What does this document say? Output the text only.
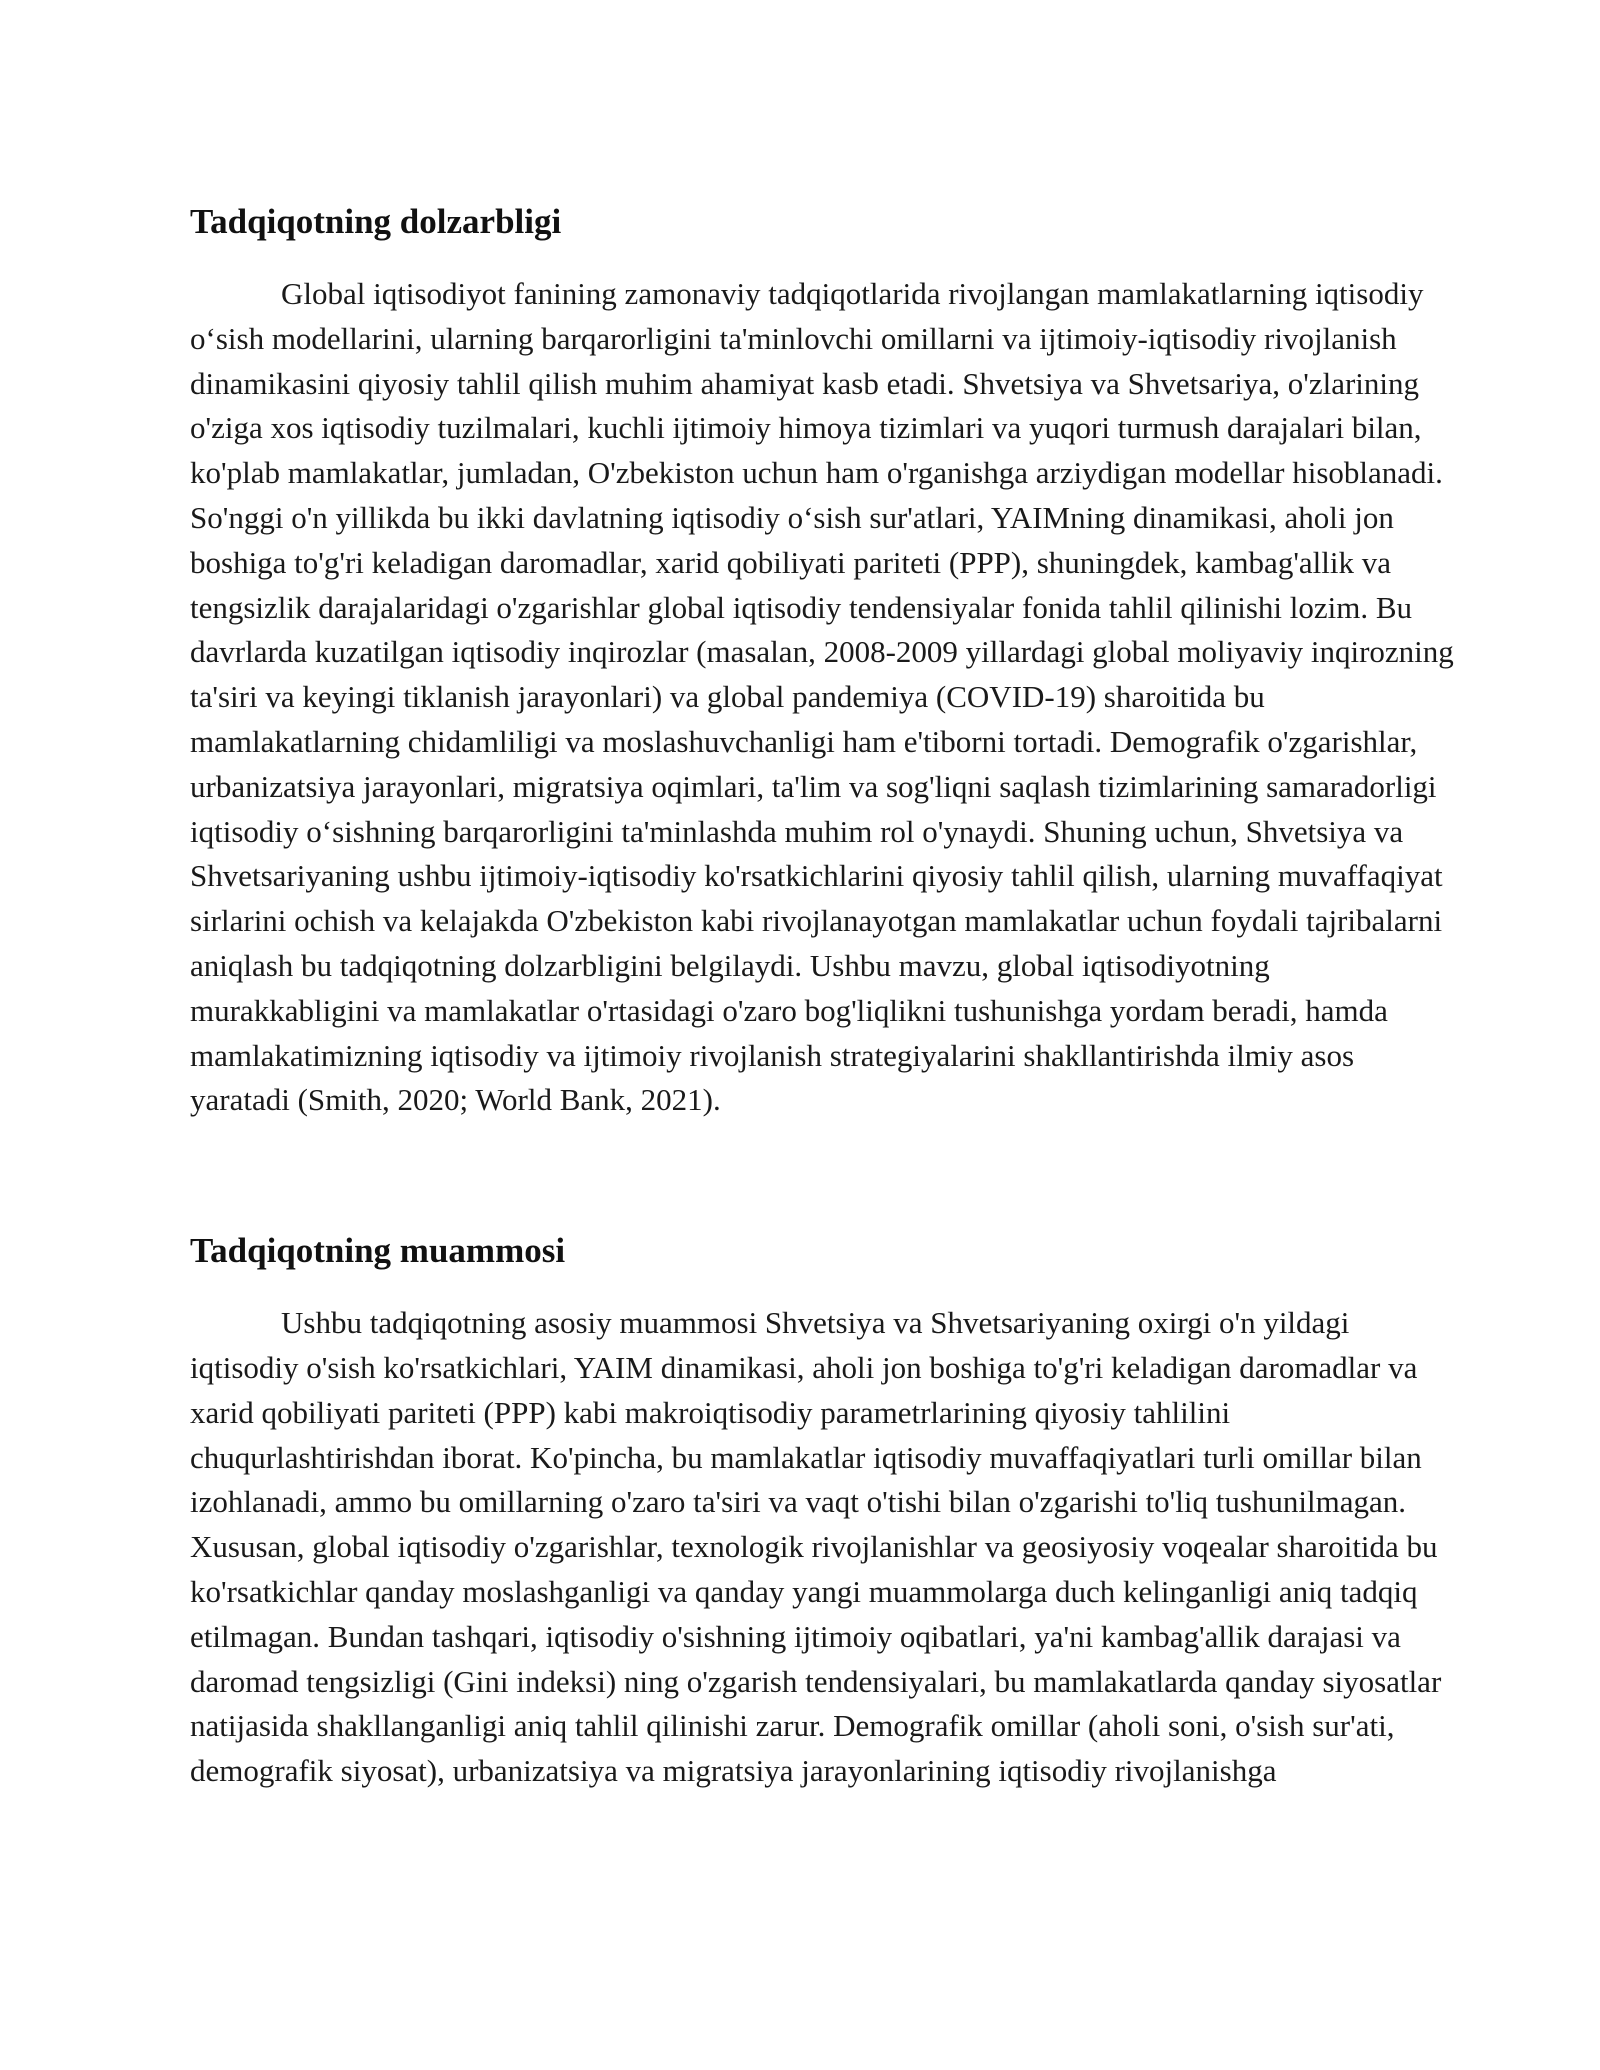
Tadqiqotning dolzarbligi

Global iqtisodiyot fanining zamonaviy tadqiqotlarida rivojlangan mamlakatlarning iqtisodiy o‘sish modellarini, ularning barqarorligini ta'minlovchi omillarni va ijtimoiy-iqtisodiy rivojlanish dinamikasini qiyosiy tahlil qilish muhim ahamiyat kasb etadi. Shvetsiya va Shvetsariya, o'zlarining o'ziga xos iqtisodiy tuzilmalari, kuchli ijtimoiy himoya tizimlari va yuqori turmush darajalari bilan, ko'plab mamlakatlar, jumladan, O'zbekiston uchun ham o'rganishga arziydigan modellar hisoblanadi. So'nggi o'n yillikda bu ikki davlatning iqtisodiy o‘sish sur'atlari, YAIMning dinamikasi, aholi jon boshiga to'g'ri keladigan daromadlar, xarid qobiliyati pariteti (PPP), shuningdek, kambag'allik va tengsizlik darajalaridagi o'zgarishlar global iqtisodiy tendensiyalar fonida tahlil qilinishi lozim. Bu davrlarda kuzatilgan iqtisodiy inqirozlar (masalan, 2008-2009 yillardagi global moliyaviy inqirozning ta'siri va keyingi tiklanish jarayonlari) va global pandemiya (COVID-19) sharoitida bu mamlakatlarning chidamliligi va moslashuvchanligi ham e'tiborni tortadi. Demografik o'zgarishlar, urbanizatsiya jarayonlari, migratsiya oqimlari, ta'lim va sog'liqni saqlash tizimlarining samaradorligi iqtisodiy o‘sishning barqarorligini ta'minlashda muhim rol o'ynaydi. Shuning uchun, Shvetsiya va Shvetsariyaning ushbu ijtimoiy-iqtisodiy ko'rsatkichlarini qiyosiy tahlil qilish, ularning muvaffaqiyat sirlarini ochish va kelajakda O'zbekiston kabi rivojlanayotgan mamlakatlar uchun foydali tajribalarni aniqlash bu tadqiqotning dolzarbligini belgilaydi. Ushbu mavzu, global iqtisodiyotning murakkabligini va mamlakatlar o'rtasidagi o'zaro bog'liqlikni tushunishga yordam beradi, hamda mamlakatimizning iqtisodiy va ijtimoiy rivojlanish strategiyalarini shakllantirishda ilmiy asos yaratadi (Smith, 2020; World Bank, 2021).

Tadqiqotning muammosi

Ushbu tadqiqotning asosiy muammosi Shvetsiya va Shvetsariyaning oxirgi o'n yildagi iqtisodiy o'sish ko'rsatkichlari, YAIM dinamikasi, aholi jon boshiga to'g'ri keladigan daromadlar va xarid qobiliyati pariteti (PPP) kabi makroiqtisodiy parametrlarining qiyosiy tahlilini chuqurlashtirishdan iborat. Ko'pincha, bu mamlakatlar iqtisodiy muvaffaqiyatlari turli omillar bilan izohlanadi, ammo bu omillarning o'zaro ta'siri va vaqt o'tishi bilan o'zgarishi to'liq tushunilmagan. Xususan, global iqtisodiy o'zgarishlar, texnologik rivojlanishlar va geosiyosiy voqealar sharoitida bu ko'rsatkichlar qanday moslashganligi va qanday yangi muammolarga duch kelinganligi aniq tadqiq etilmagan. Bundan tashqari, iqtisodiy o'sishning ijtimoiy oqibatlari, ya'ni kambag'allik darajasi va daromad tengsizligi (Gini indeksi) ning o'zgarish tendensiyalari, bu mamlakatlarda qanday siyosatlar natijasida shakllanganligi aniq tahlil qilinishi zarur. Demografik omillar (aholi soni, o'sish sur'ati, demografik siyosat), urbanizatsiya va migratsiya jarayonlarining iqtisodiy rivojlanishga
